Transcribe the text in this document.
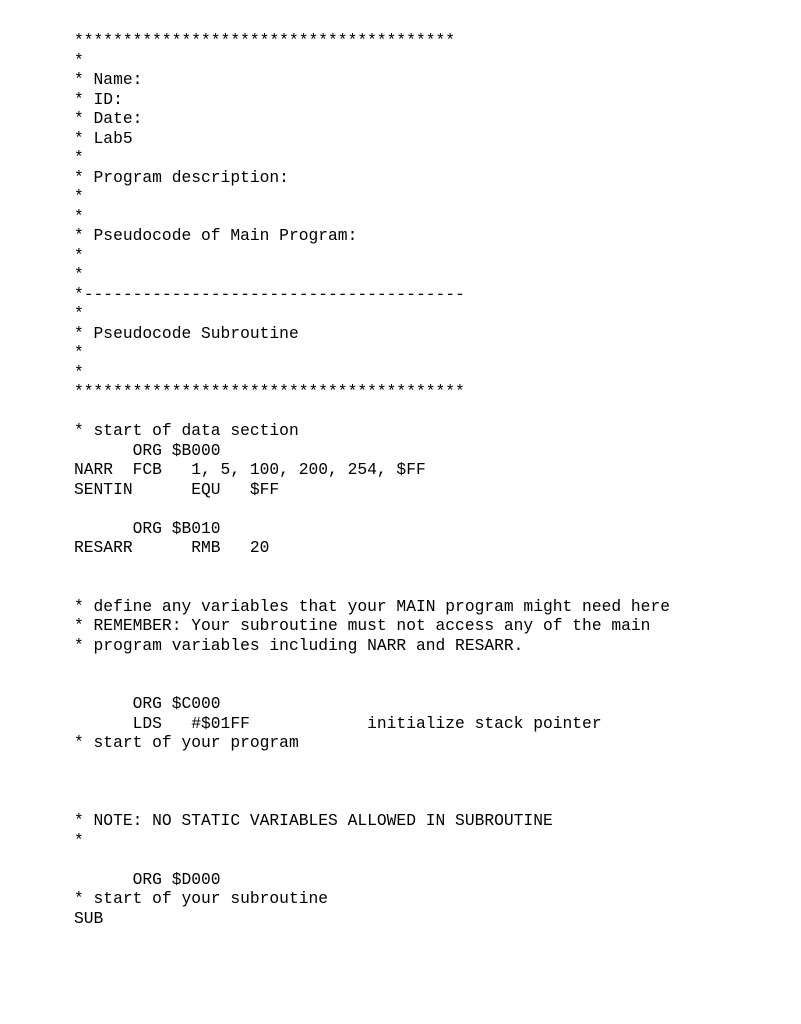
***************************************
*
* Name:
* ID:
* Date:
* Lab5
*
* Program description:
*
*
* Pseudocode of Main Program:
*
*
*---------------------------------------
*
* Pseudocode Subroutine
*
*
****************************************
* start of data section
ORG $B000
NARR  FCB   1, 5, 100, 200, 254, $FF
SENTIN      EQU   $FF
ORG $B010
RESARR      RMB   20
* define any variables that your MAIN program might need here
* REMEMBER: Your subroutine must not access any of the main
* program variables including NARR and RESARR.
ORG $C000
LDS   #$01FF            initialize stack pointer
* start of your program
* NOTE: NO STATIC VARIABLES ALLOWED IN SUBROUTINE
*
ORG $D000
* start of your subroutine
SUB
